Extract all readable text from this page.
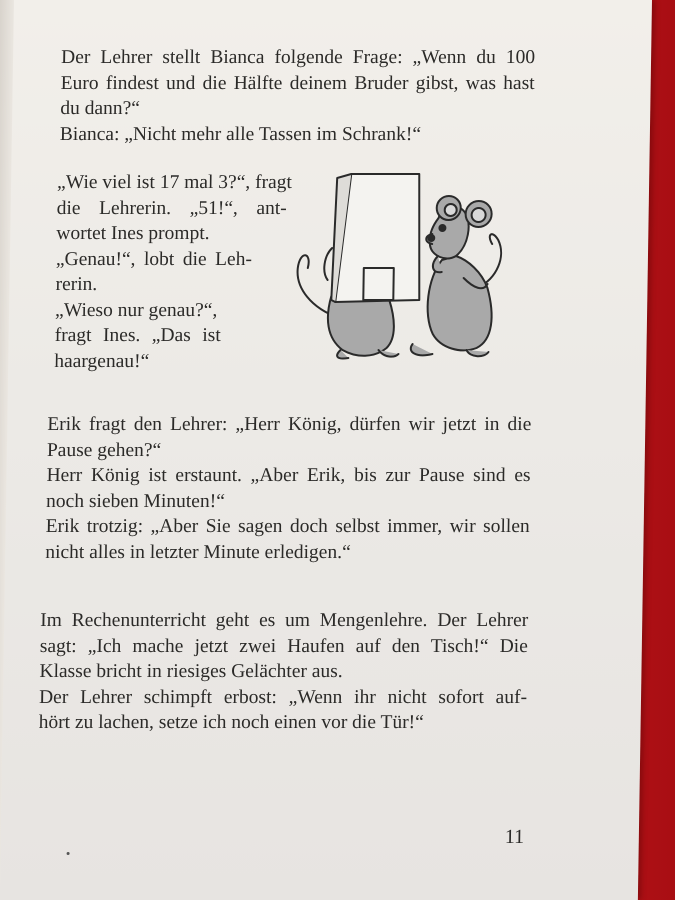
Der Lehrer stellt Bianca folgende Frage: „Wenn du 100
Euro findest und die Hälfte deinem Bruder gibst, was hast
du dann?“
Bianca: „Nicht mehr alle Tassen im Schrank!“
„Wie viel ist 17 mal 3?“, fragt
die Lehrerin. „51!“, ant-
wortet Ines prompt.
„Genau!“, lobt die Leh-
rerin.
„Wieso nur genau?“,
fragt Ines. „Das ist
haargenau!“
Erik fragt den Lehrer: „Herr König, dürfen wir jetzt in die
Pause gehen?“
Herr König ist erstaunt. „Aber Erik, bis zur Pause sind es
noch sieben Minuten!“
Erik trotzig: „Aber Sie sagen doch selbst immer, wir sollen
nicht alles in letzter Minute erledigen.“
Im Rechenunterricht geht es um Mengenlehre. Der Lehrer
sagt: „Ich mache jetzt zwei Haufen auf den Tisch!“ Die
Klasse bricht in riesiges Gelächter aus.
Der Lehrer schimpft erbost: „Wenn ihr nicht sofort auf-
hört zu lachen, setze ich noch einen vor die Tür!“
11
